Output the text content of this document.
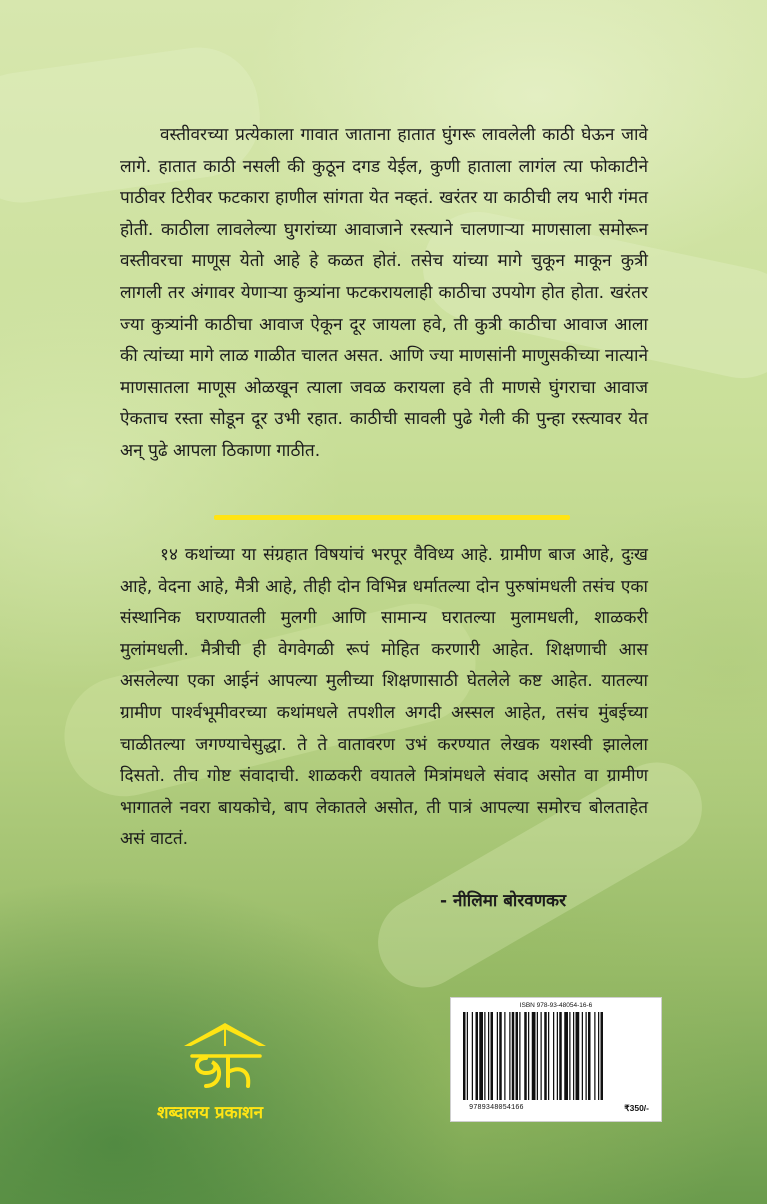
वस्तीवरच्या प्रत्येकाला गावात जाताना हातात घुंगरू लावलेली काठी घेऊन जावे लागे. हातात काठी नसली की कुठून दगड येईल, कुणी हाताला लागंल त्या फोकाटीने पाठीवर टिरीवर फटकारा हाणील सांगता येत नव्हतं. खरंतर या काठीची लय भारी गंमत होती. काठीला लावलेल्या घुगरांच्या आवाजाने रस्त्याने चालणाऱ्या माणसाला समोरून वस्तीवरचा माणूस येतो आहे हे कळत होतं. तसेच यांच्या मागे चुकून माकून कुत्री लागली तर अंगावर येणाऱ्या कुत्र्यांना फटकरायलाही काठीचा उपयोग होत होता. खरंतर ज्या कुत्र्यांनी काठीचा आवाज ऐकून दूर जायला हवे, ती कुत्री काठीचा आवाज आला की त्यांच्या मागे लाळ गाळीत चालत असत. आणि ज्या माणसांनी माणुसकीच्या नात्याने माणसातला माणूस ओळखून त्याला जवळ करायला हवे ती माणसे घुंगराचा आवाज ऐकताच रस्ता सोडून दूर उभी रहात. काठीची सावली पुढे गेली की पुन्हा रस्त्यावर येत अन् पुढे आपला ठिकाणा गाठीत.

१४ कथांच्या या संग्रहात विषयांचं भरपूर वैविध्य आहे. ग्रामीण बाज आहे, दुःख आहे, वेदना आहे, मैत्री आहे, तीही दोन विभिन्न धर्मातल्या दोन पुरुषांमधली तसंच एका संस्थानिक घराण्यातली मुलगी आणि सामान्य घरातल्या मुलामधली, शाळकरी मुलांमधली. मैत्रीची ही वेगवेगळी रूपं मोहित करणारी आहेत. शिक्षणाची आस असलेल्या एका आईनं आपल्या मुलीच्या शिक्षणासाठी घेतलेले कष्ट आहेत. यातल्या ग्रामीण पार्श्वभूमीवरच्या कथांमधले तपशील अगदी अस्सल आहेत, तसंच मुंबईच्या चाळीतल्या जगण्याचेसुद्धा. ते ते वातावरण उभं करण्यात लेखक यशस्वी झालेला दिसतो. तीच गोष्ट संवादाची. शाळकरी वयातले मित्रांमधले संवाद असोत वा ग्रामीण भागातले नवरा बायकोचे, बाप लेकातले असोत, ती पात्रं आपल्या समोरच बोलताहेत असं वाटतं.

- नीलिमा बोरवणकर
शब्दालय प्रकाशन
ISBN 978-93-48054-16-6
9789348054166	₹350/-
